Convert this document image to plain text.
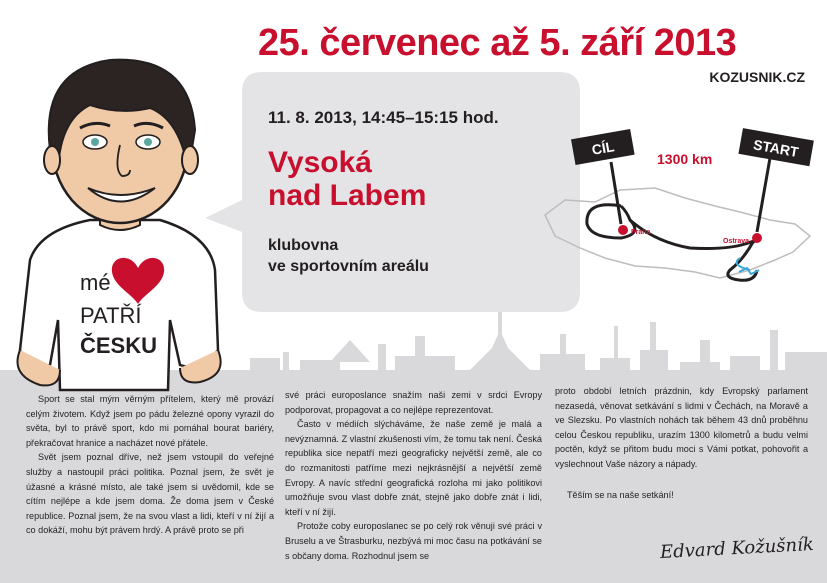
mé
PATŘÍ
ČESKU
25. červenec až 5. září 2013
KOZUSNIK.CZ
11. 8. 2013, 14:45–15:15 hod.
Vysoká
nad Labem
klubovna
ve sportovním areálu
CÍL	START
1300 km
Praha
Ostrava

Sport se stal mým věrným přítelem, který mě provází celým životem. Když jsem po pádu železné opony vyrazil do světa, byl to právě sport, kdo mi pomáhal bourat bariéry, překračovat hranice a nacházet nové přátele.

Svět jsem poznal dříve, než jsem vstoupil do veřejné služby a nastoupil práci politika. Poznal jsem, že svět je úžasné a krásné místo, ale také jsem si uvědomil, kde se cítím nejlépe a kde jsem doma. Že doma jsem v České republice. Poznal jsem, že na svou vlast a lidi, kteří v ní žijí a co dokáží, mohu být právem hrdý. A právě proto se při

své práci europoslance snažím naši zemi v srdci Evropy podporovat, propagovat a co nejlépe reprezentovat.

Často v médiích slýcháváme, že naše země je malá a nevýznamná. Z vlastní zkušenosti vím, že tomu tak není. Česká republika sice nepatří mezi geograficky největší země, ale co do rozmanitosti patříme mezi nejkrásnější a největší země Evropy. A navíc střední geografická rozloha mi jako politikovi umožňuje svou vlast dobře znát, stejně jako dobře znát i lidi, kteří v ní žijí.

Protože coby europoslanec se po celý rok věnuji své práci v Bruselu a ve Štrasburku, nezbývá mi moc času na potkávání se s občany doma. Rozhodnul jsem se

proto období letních prázdnin, kdy Evropský parlament nezasedá, věnovat setkávání s lidmi v Čechách, na Moravě a ve Slezsku. Po vlastních nohách tak během 43 dnů proběhnu celou Českou republiku, urazím 1300 kilometrů a budu velmi poctěn, když se přitom budu moci s Vámi potkat, pohovořit a vyslechnout Vaše názory a nápady.

Těším se na naše setkání!

Edvard Kožušník
